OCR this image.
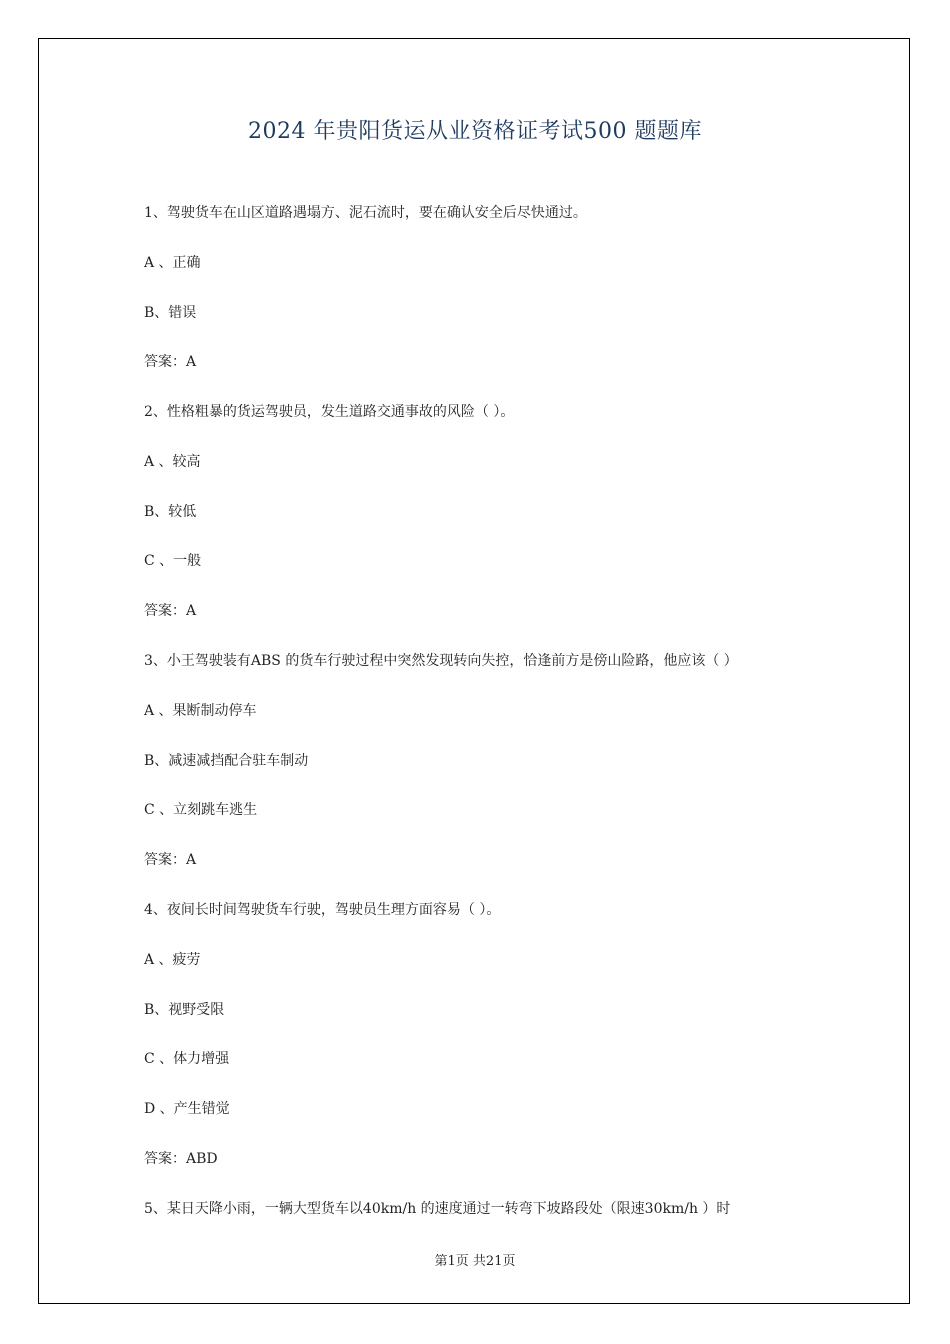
2024 年贵阳货运从业资格证考试500 题题库
1、驾驶货车在山区道路遇塌方、泥石流时，要在确认安全后尽快通过。
A 、正确
B、错误
答案：A
2、性格粗暴的货运驾驶员，发生道路交通事故的风险（ ）。
A 、较高
B、较低
C 、一般
答案：A
3、小王驾驶装有ABS 的货车行驶过程中突然发现转向失控，恰逢前方是傍山险路，他应该（ ）
A 、果断制动停车
B、减速减挡配合驻车制动
C 、立刻跳车逃生
答案：A
4、夜间长时间驾驶货车行驶，驾驶员生理方面容易（ ）。
A 、疲劳
B、视野受限
C 、体力增强
D 、产生错觉
答案：ABD
5、某日天降小雨，一辆大型货车以40km/h 的速度通过一转弯下坡路段处（限速30km/h ）时
第1页 共21页
